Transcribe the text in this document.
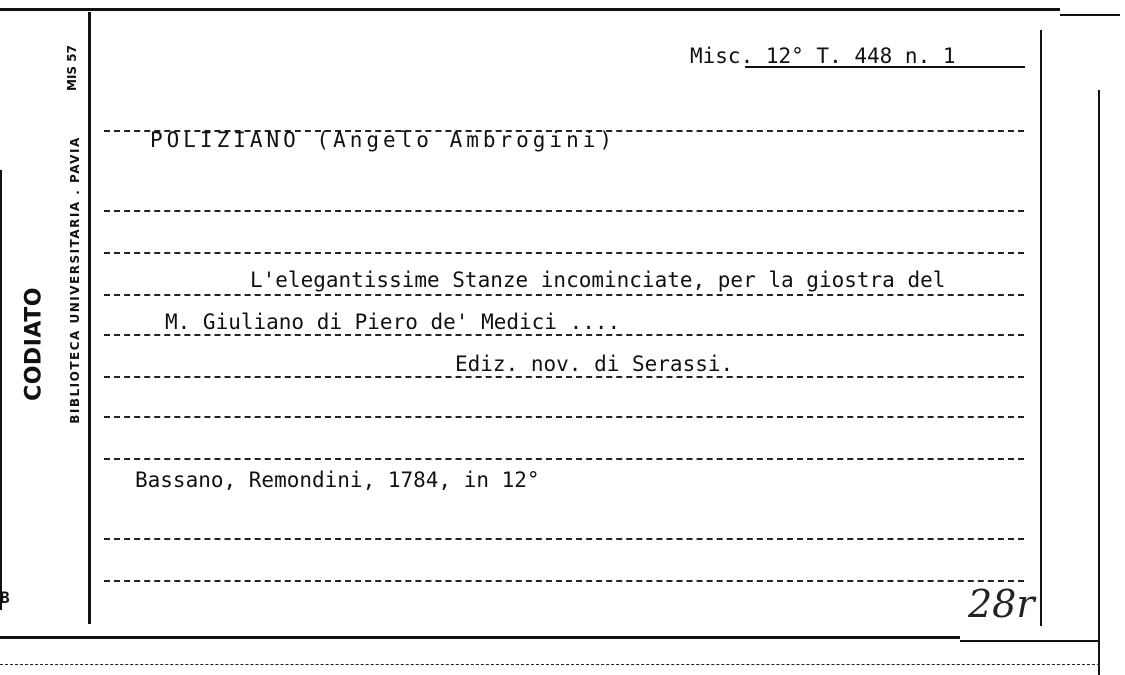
MIS 57
BIBLIOTECA UNIVERSITARIA . PAVIA
CODIATO
B
Misc. 12° T. 448 n. 1
POLIZIANO (Angelo Ambrogini)
L'elegantissime Stanze incominciate, per la giostra del
M. Giuliano di Piero de' Medici ....
Ediz. nov. di Serassi.
Bassano, Remondini, 1784, in 12°
28r
